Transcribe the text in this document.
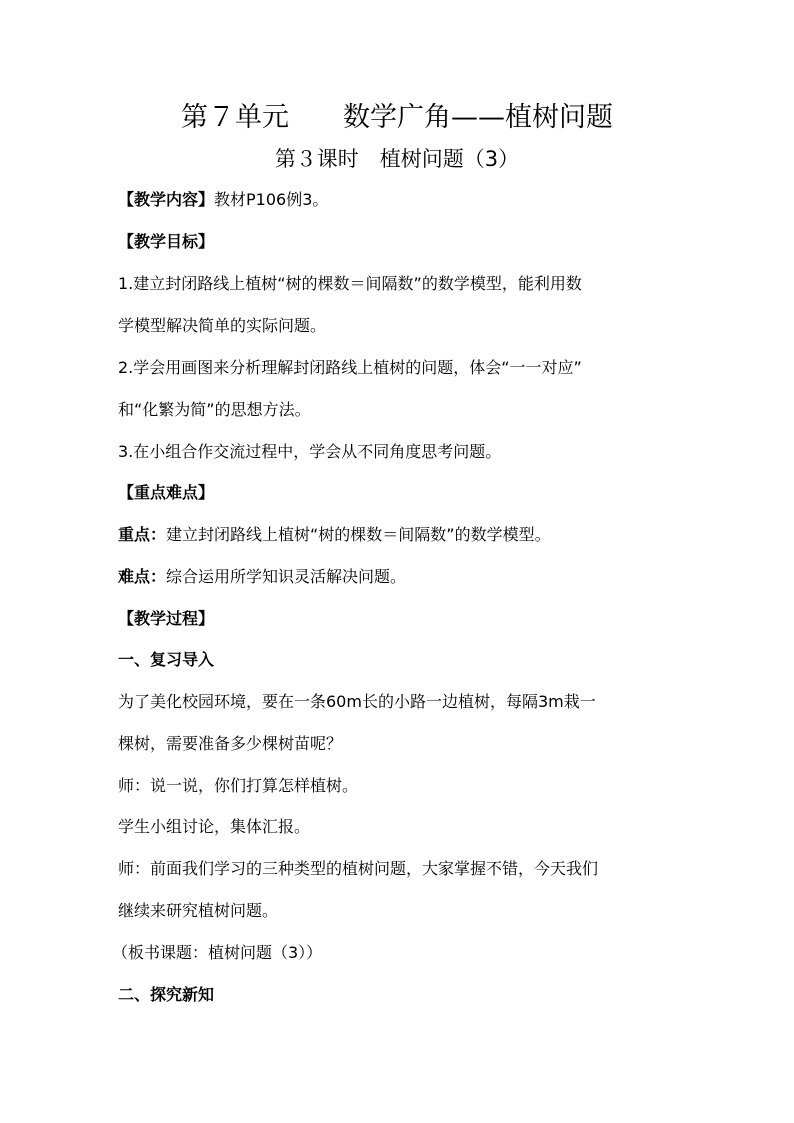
第７单元　　数学广角——植树问题
第３课时　植树问题（3）
【教学内容】教材P106例3。
【教学目标】
1.建立封闭路线上植树“树的棵数＝间隔数”的数学模型，能利用数
学模型解决简单的实际问题。
2.学会用画图来分析理解封闭路线上植树的问题，体会“一一对应”
和“化繁为简”的思想方法。
3.在小组合作交流过程中，学会从不同角度思考问题。
【重点难点】
重点：建立封闭路线上植树“树的棵数＝间隔数”的数学模型。
难点：综合运用所学知识灵活解决问题。
【教学过程】
一、复习导入
为了美化校园环境，要在一条60m长的小路一边植树，每隔3m栽一
棵树，需要准备多少棵树苗呢？
师：说一说，你们打算怎样植树。
学生小组讨论，集体汇报。
师：前面我们学习的三种类型的植树问题，大家掌握不错，今天我们
继续来研究植树问题。
（板书课题：植树问题（3））
二、探究新知
